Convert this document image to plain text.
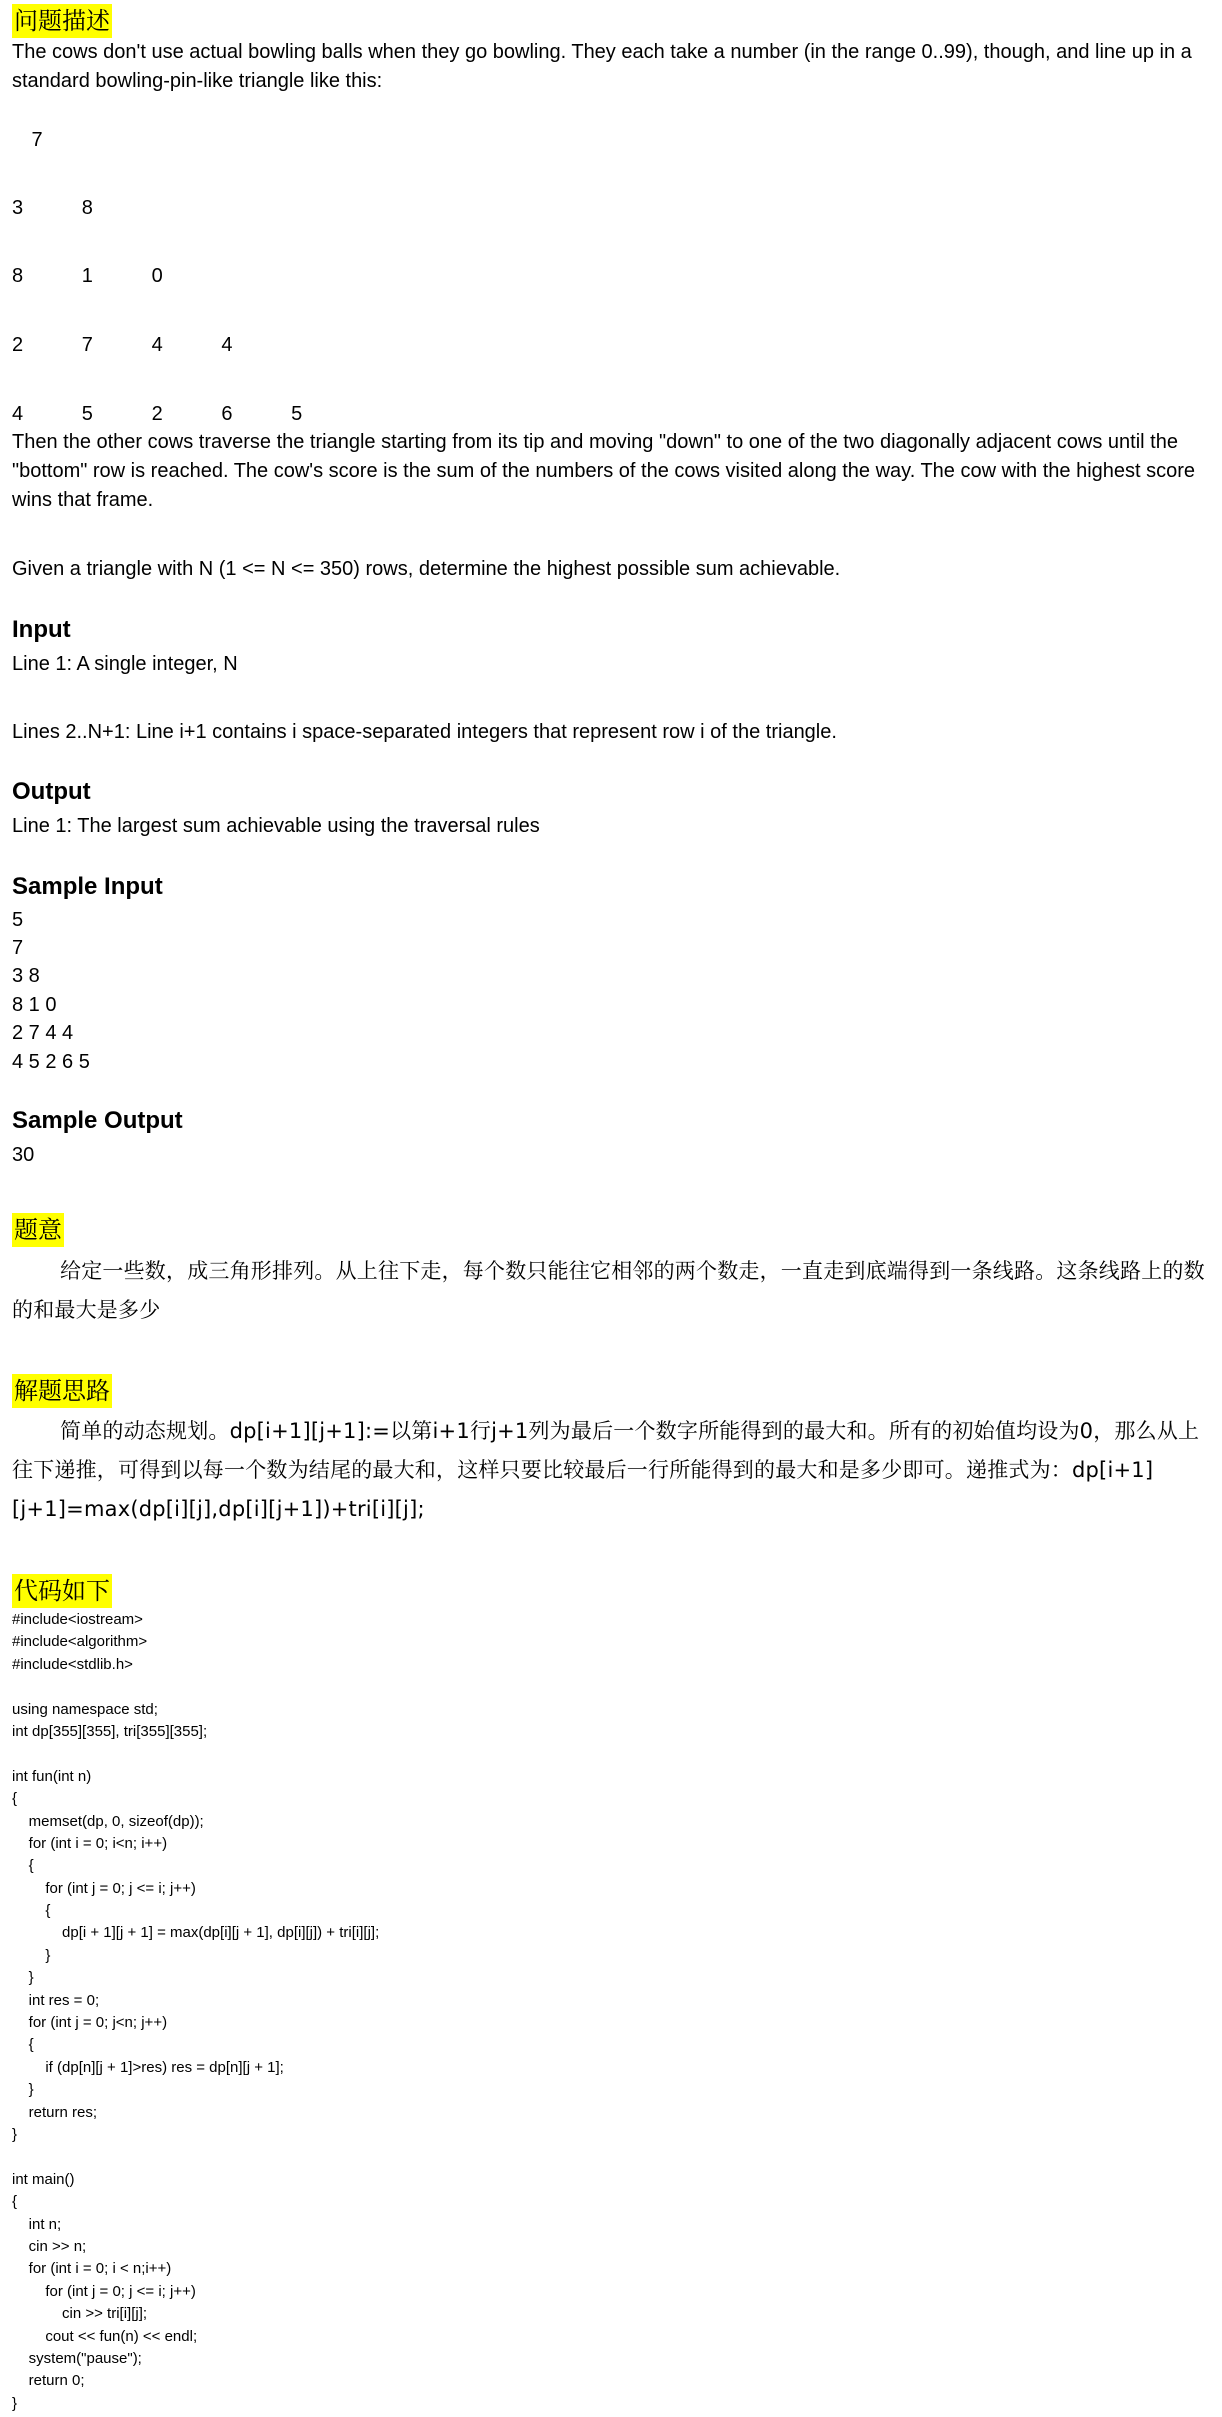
问题描述
The cows don't use actual bowling balls when they go bowling. They each take a number (in the range 0..99), though, and line up in a standard bowling-pin-like triangle like this:
7
3   8
8   1   0
2   7   4   4
4   5   2   6   5
Then the other cows traverse the triangle starting from its tip and moving "down" to one of the two diagonally adjacent cows until the "bottom" row is reached. The cow's score is the sum of the numbers of the cows visited along the way. The cow with the highest score wins that frame.
Given a triangle with N (1 <= N <= 350) rows, determine the highest possible sum achievable.
Input
Line 1: A single integer, N
Lines 2..N+1: Line i+1 contains i space-separated integers that represent row i of the triangle.
Output
Line 1: The largest sum achievable using the traversal rules
Sample Input
5
7
3 8
8 1 0
2 7 4 4
4 5 2 6 5
Sample Output
30
题意
给定一些数，成三角形排列。从上往下走，每个数只能往它相邻的两个数走，一直走到底端得到一条线路。这条线路上的数的和最大是多少
解题思路
简单的动态规划。dp[i+1][j+1]:=以第i+1行j+1列为最后一个数字所能得到的最大和。所有的初始值均设为0，那么从上往下递推，可得到以每一个数为结尾的最大和，这样只要比较最后一行所能得到的最大和是多少即可。递推式为：dp[i+1][j+1]=max(dp[i][j],dp[i][j+1])+tri[i][j];
代码如下
#include<iostream>
#include<algorithm>
#include<stdlib.h>
using namespace std;
int dp[355][355], tri[355][355];
int fun(int n)
{
	memset(dp, 0, sizeof(dp));
	for (int i = 0; i<n; i++)
	{
		for (int j = 0; j <= i; j++)
		{
			dp[i + 1][j + 1] = max(dp[i][j + 1], dp[i][j]) + tri[i][j];
		}
	}
	int res = 0;
	for (int j = 0; j<n; j++)
	{
		if (dp[n][j + 1]>res) res = dp[n][j + 1];
	}
	return res;
}
int main()
{
	int n;
	cin >> n;
	for (int i = 0; i < n;i++)
		for (int j = 0; j <= i; j++)
			cin >> tri[i][j];
		cout << fun(n) << endl;
	system("pause");
	return 0;
}
